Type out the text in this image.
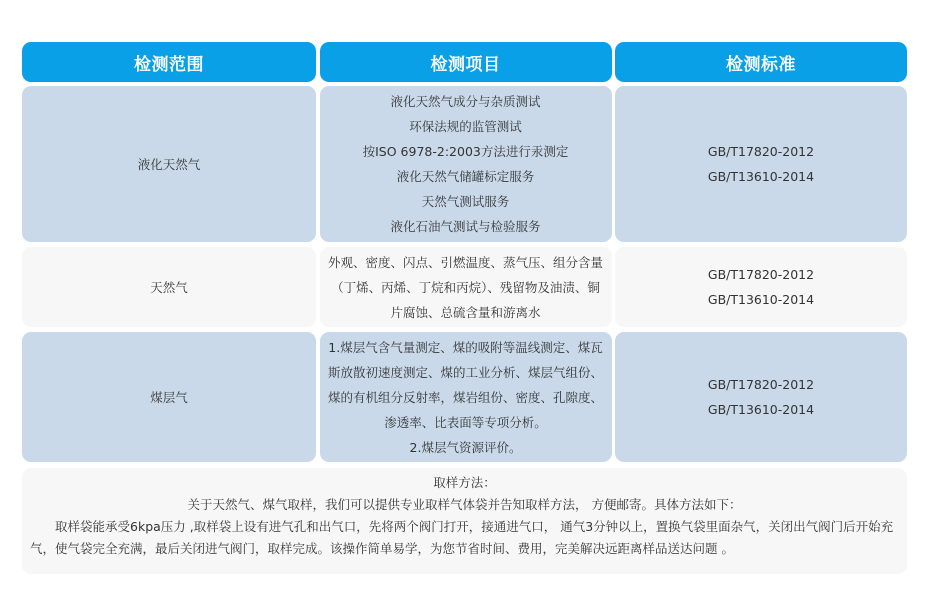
检测范围	检测项目	检测标准
液化天然气
液化天然气成分与杂质测试
环保法规的监管测试
按ISO 6978-2:2003方法进行汞测定
液化天然气储罐标定服务
天然气测试服务
液化石油气测试与检验服务
GB/T17820-2012
GB/T13610-2014
天然气
外观、密度、闪点、引燃温度、蒸气压、组分含量（丁烯、丙烯、丁烷和丙烷）、残留物及油渍、铜片腐蚀、总硫含量和游离水
GB/T17820-2012
GB/T13610-2014
煤层气
1.煤层气含气量测定、煤的吸附等温线测定、煤瓦斯放散初速度测定、煤的工业分析、煤层气组份、煤的有机组分反射率，煤岩组份、密度、孔隙度、渗透率、比表面等专项分析。
2.煤层气资源评价。
GB/T17820-2012
GB/T13610-2014
取样方法：
关于天然气、煤气取样，我们可以提供专业取样气体袋并告知取样方法， 方便邮寄。具体方法如下：
取样袋能承受6kpa压力 ,取样袋上设有进气孔和出气口，先将两个阀门打开，接通进气口， 通气3分钟以上，置换气袋里面杂气，关闭出气阀门后开始充气，使气袋完全充满，最后关闭进气阀门，取样完成。该操作简单易学，为您节省时间、费用，完美解决远距离样品送达问题 。
